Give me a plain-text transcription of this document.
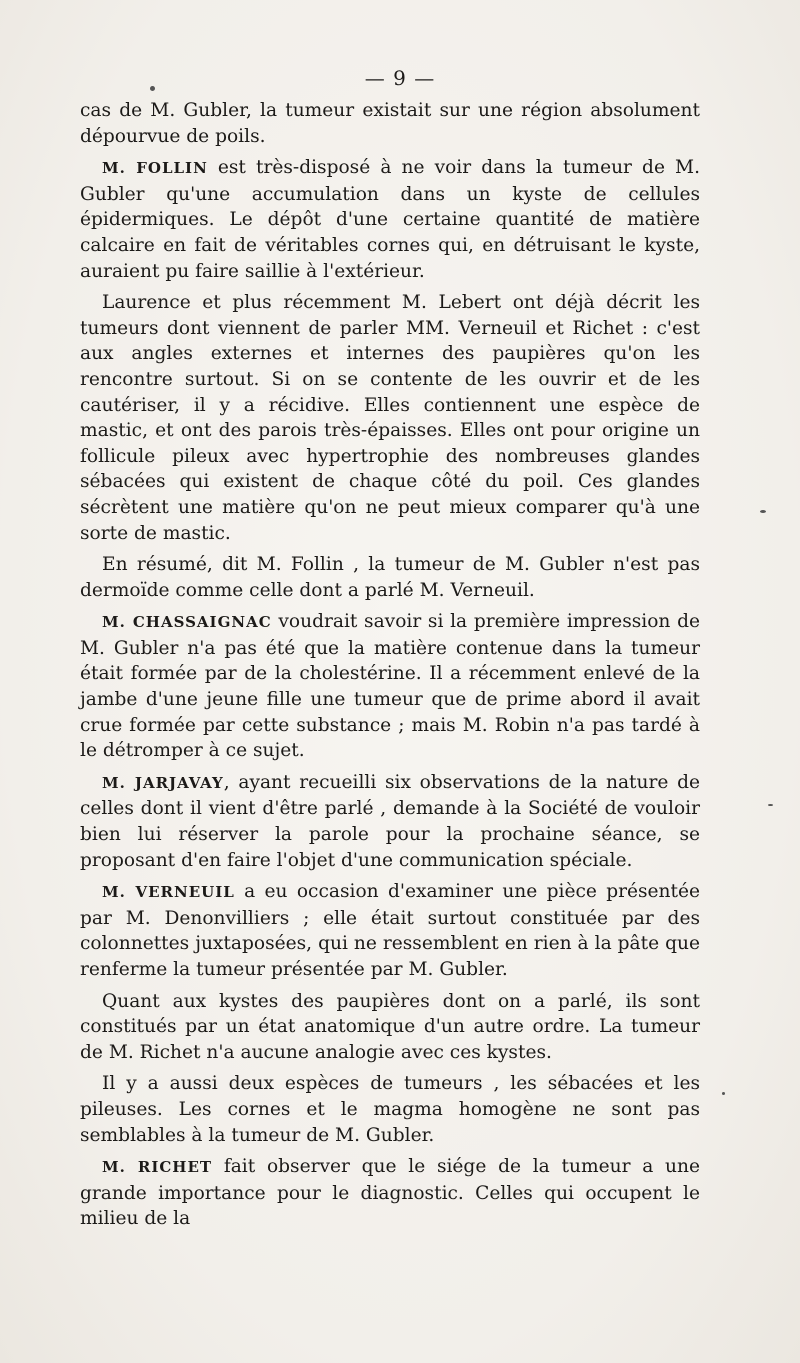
— 9 —

cas de M. Gubler, la tumeur existait sur une région absolument dépourvue de poils.

M. FOLLIN est très-disposé à ne voir dans la tumeur de M. Gubler qu'une accumulation dans un kyste de cellules épidermiques. Le dépôt d'une certaine quantité de matière calcaire en fait de véritables cornes qui, en détruisant le kyste, auraient pu faire saillie à l'extérieur.

Laurence et plus récemment M. Lebert ont déjà décrit les tumeurs dont viennent de parler MM. Verneuil et Richet : c'est aux angles externes et internes des paupières qu'on les rencontre surtout. Si on se contente de les ouvrir et de les cautériser, il y a récidive. Elles contiennent une espèce de mastic, et ont des parois très-épaisses. Elles ont pour origine un follicule pileux avec hypertrophie des nombreuses glandes sébacées qui existent de chaque côté du poil. Ces glandes sécrètent une matière qu'on ne peut mieux comparer qu'à une sorte de mastic.

En résumé, dit M. Follin , la tumeur de M. Gubler n'est pas dermoïde comme celle dont a parlé M. Verneuil.

M. CHASSAIGNAC voudrait savoir si la première impression de M. Gubler n'a pas été que la matière contenue dans la tumeur était formée par de la cholestérine. Il a récemment enlevé de la jambe d'une jeune fille une tumeur que de prime abord il avait crue formée par cette substance ; mais M. Robin n'a pas tardé à le détromper à ce sujet.

M. JARJAVAY, ayant recueilli six observations de la nature de celles dont il vient d'être parlé , demande à la Société de vouloir bien lui réserver la parole pour la prochaine séance, se proposant d'en faire l'objet d'une communication spéciale.

M. VERNEUIL a eu occasion d'examiner une pièce présentée par M. Denonvilliers ; elle était surtout constituée par des colonnettes juxtaposées, qui ne ressemblent en rien à la pâte que renferme la tumeur présentée par M. Gubler.

Quant aux kystes des paupières dont on a parlé, ils sont constitués par un état anatomique d'un autre ordre. La tumeur de M. Richet n'a aucune analogie avec ces kystes.

Il y a aussi deux espèces de tumeurs , les sébacées et les pileuses. Les cornes et le magma homogène ne sont pas semblables à la tumeur de M. Gubler.

M. RICHET fait observer que le siége de la tumeur a une grande importance pour le diagnostic. Celles qui occupent le milieu de la
